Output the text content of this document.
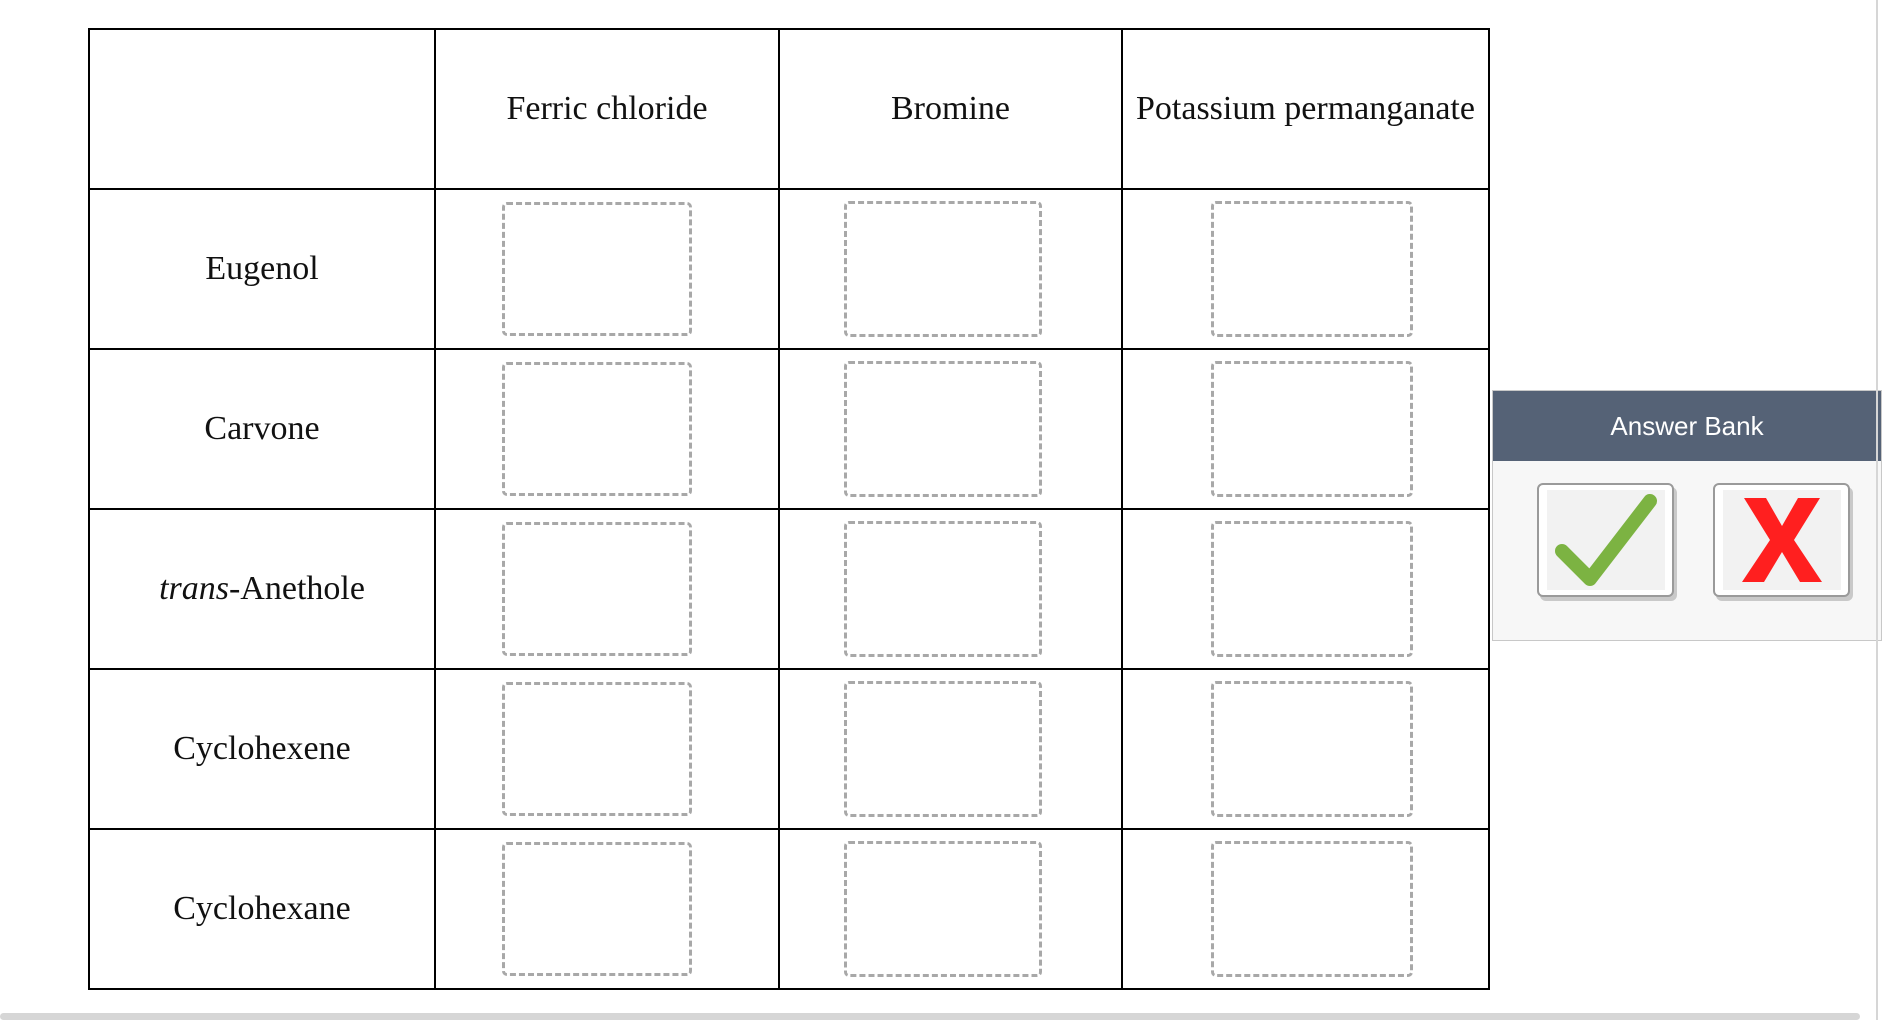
	Ferric chloride	Bromine	Potassium permanganate
Eugenol			
Carvone			
trans-Anethole			
Cyclohexene			
Cyclohexane			
Answer Bank
